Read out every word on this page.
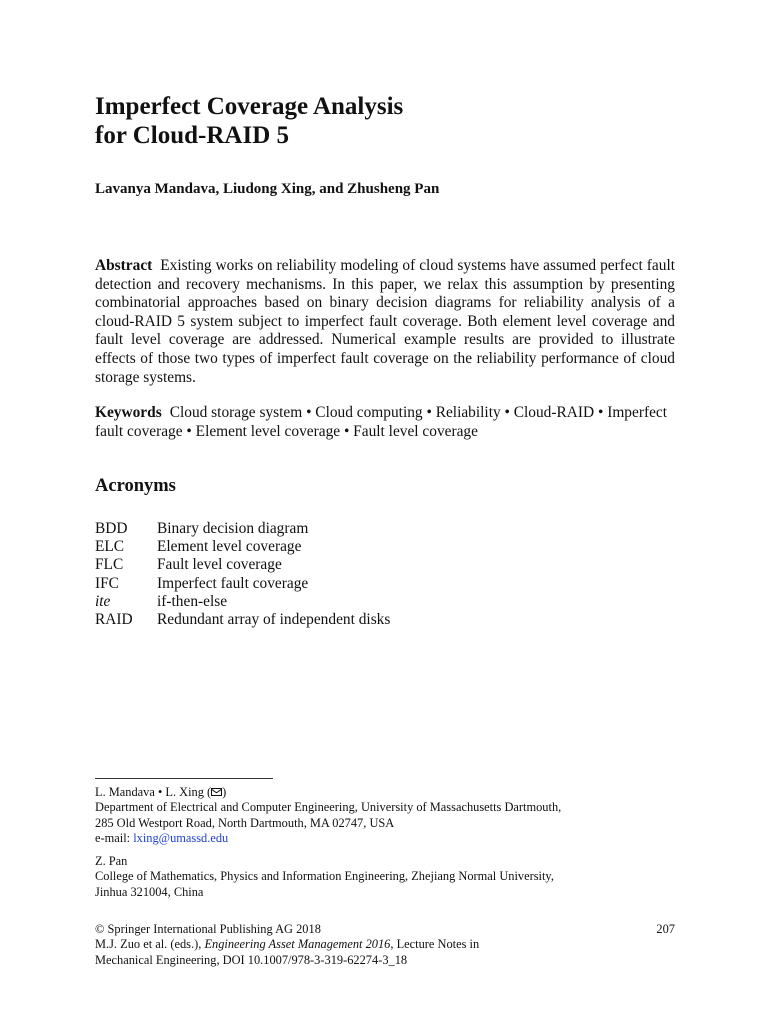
Imperfect Coverage Analysis
for Cloud-RAID 5
Lavanya Mandava, Liudong Xing, and Zhusheng Pan
Abstract Existing works on reliability modeling of cloud systems have assumed perfect fault detection and recovery mechanisms. In this paper, we relax this assumption by presenting combinatorial approaches based on binary decision diagrams for reliability analysis of a cloud-RAID 5 system subject to imperfect fault coverage. Both element level coverage and fault level coverage are addressed. Numerical example results are provided to illustrate effects of those two types of imperfect fault coverage on the reliability performance of cloud storage systems.
Keywords Cloud storage system • Cloud computing • Reliability • Cloud-RAID • Imperfect fault coverage • Element level coverage • Fault level coverage
Acronyms
BDD	Binary decision diagram
ELC	Element level coverage
FLC	Fault level coverage
IFC	Imperfect fault coverage
ite	if-then-else
RAID	Redundant array of independent disks
L. Mandava • L. Xing ( )
Department of Electrical and Computer Engineering, University of Massachusetts Dartmouth,
285 Old Westport Road, North Dartmouth, MA 02747, USA
e-mail: lxing@umassd.edu
Z. Pan
College of Mathematics, Physics and Information Engineering, Zhejiang Normal University,
Jinhua 321004, China
© Springer International Publishing AG 2018	207
M.J. Zuo et al. (eds.), Engineering Asset Management 2016, Lecture Notes in
Mechanical Engineering, DOI 10.1007/978-3-319-62274-3_18
